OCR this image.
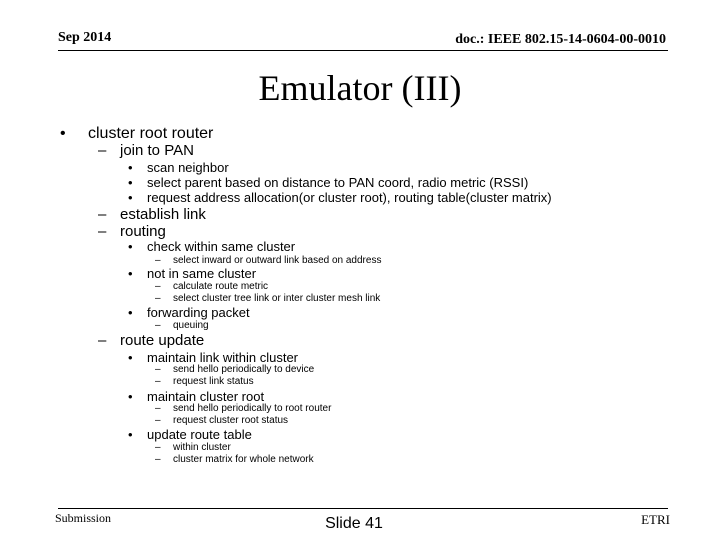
Sep 2014	doc.: IEEE 802.15-14-0604-00-0010
Emulator (III)
• cluster root router
– join to PAN
• scan neighbor
• select parent based on distance to PAN coord, radio metric (RSSI)
• request address allocation(or cluster root), routing table(cluster matrix)
– establish link
– routing
• check within same cluster
– select inward or outward link based on address
• not in same cluster
– calculate route metric
– select cluster tree link or inter cluster mesh link
• forwarding packet
– queuing
– route update
• maintain link within cluster
– send hello periodically to device
– request link status
• maintain cluster root
– send hello periodically to root router
– request cluster root status
• update route table
– within cluster
– cluster matrix for whole network
Submission	Slide 41	ETRI
